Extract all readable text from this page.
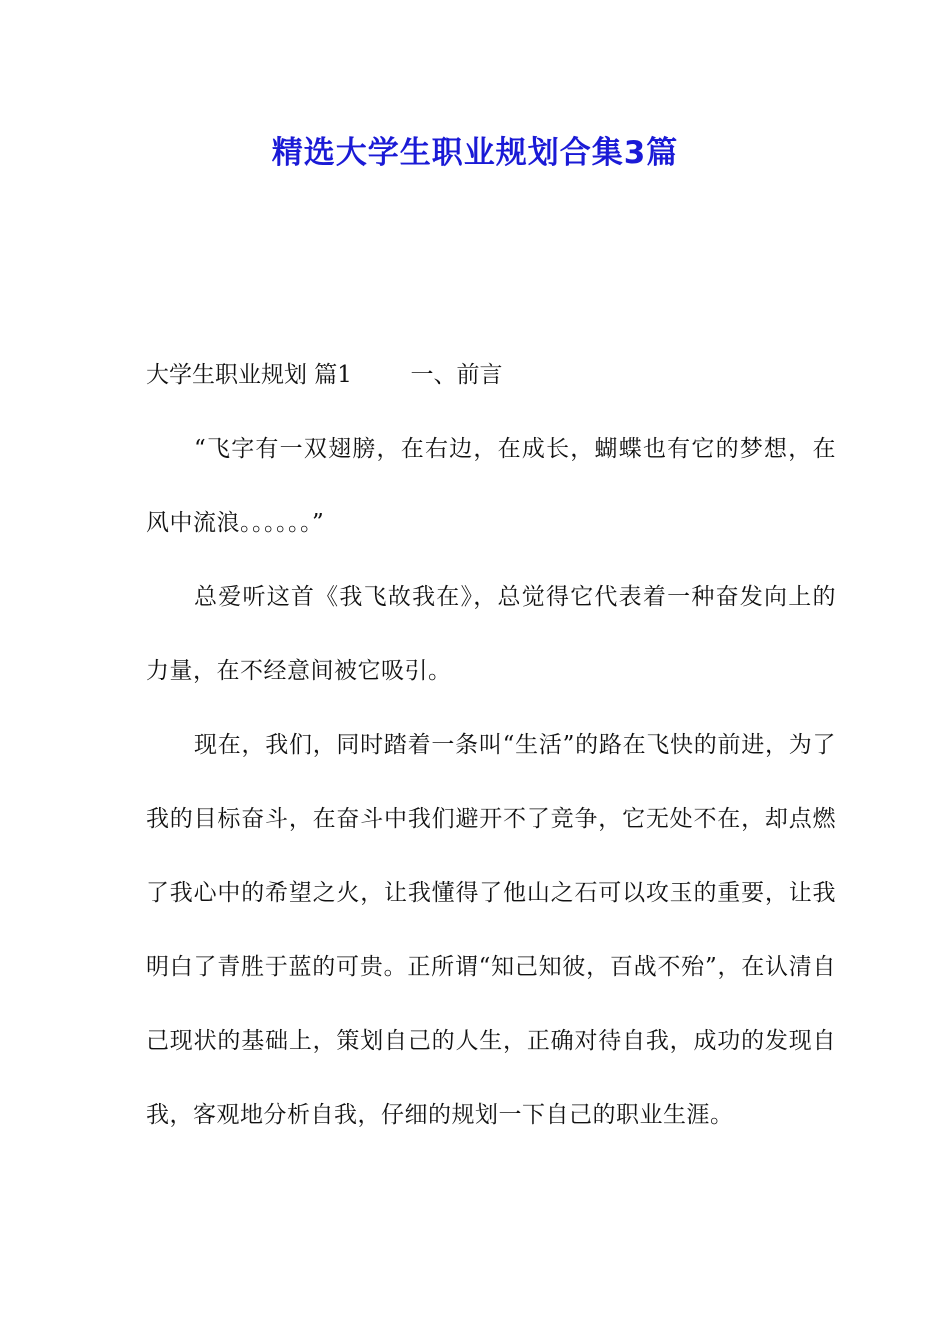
精选大学生职业规划合集3篇

大学生职业规划 篇1	一、前言

“飞字有一双翅膀，在右边，在成长，蝴蝶也有它的梦想，在风中流浪。。。。。。”

总爱听这首《我飞故我在》，总觉得它代表着一种奋发向上的力量，在不经意间被它吸引。

现在，我们，同时踏着一条叫“生活”的路在飞快的前进，为了我的目标奋斗，在奋斗中我们避开不了竞争，它无处不在，却点燃了我心中的希望之火，让我懂得了他山之石可以攻玉的重要，让我明白了青胜于蓝的可贵。正所谓“知己知彼，百战不殆”，在认清自己现状的基础上，策划自己的人生，正确对待自我，成功的发现自我，客观地分析自我，仔细的规划一下自己的职业生涯。
